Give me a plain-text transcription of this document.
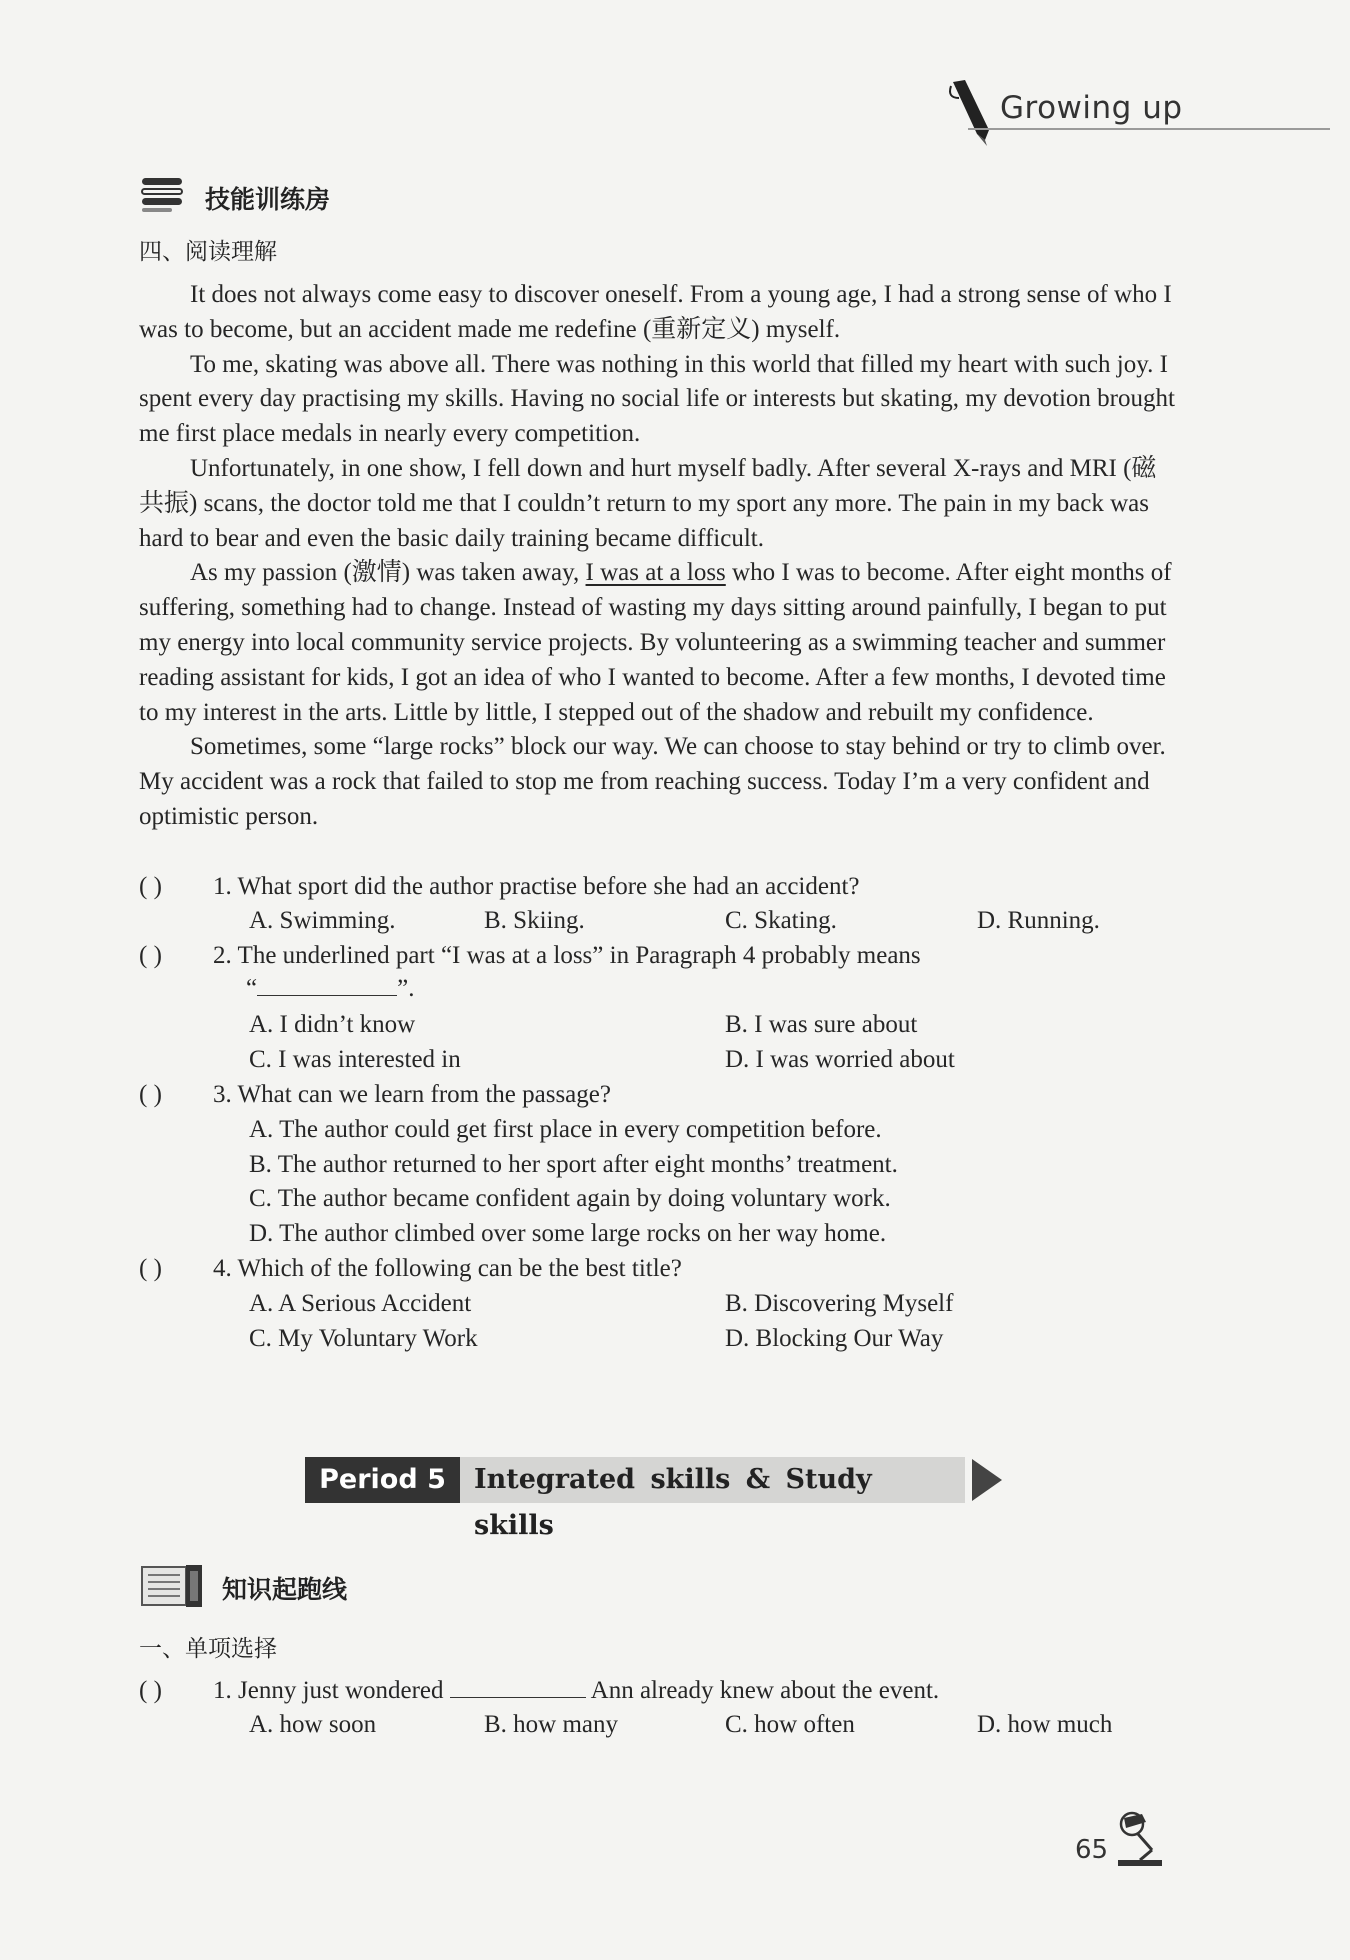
Growing up
技能训练房
四、阅读理解

It does not always come easy to discover oneself. From a young age, I had a strong sense of who I was to become, but an accident made me redefine (重新定义) myself.

To me, skating was above all. There was nothing in this world that filled my heart with such joy. I spent every day practising my skills. Having no social life or interests but skating, my devotion brought me first place medals in nearly every competition.

Unfortunately, in one show, I fell down and hurt myself badly. After several X-rays and MRI (磁共振) scans, the doctor told me that I couldn’t return to my sport any more. The pain in my back was hard to bear and even the basic daily training became difficult.

As my passion (激情) was taken away, I was at a loss who I was to become. After eight months of suffering, something had to change. Instead of wasting my days sitting around painfully, I began to put my energy into local community service projects. By volunteering as a swimming teacher and summer reading assistant for kids, I got an idea of who I wanted to become. After a few months, I devoted time to my interest in the arts. Little by little, I stepped out of the shadow and rebuilt my confidence.

Sometimes, some “large rocks” block our way. We can choose to stay behind or try to climb over. My accident was a rock that failed to stop me from reaching success. Today I’m a very confident and optimistic person.

( ) 1. What sport did the author practise before she had an accident?
A. Swimming.	B. Skiing.	C. Skating.	D. Running.
( ) 2. The underlined part “I was at a loss” in Paragraph 4 probably means
“	”.
A. I didn’t know	B. I was sure about
C. I was interested in	D. I was worried about
( ) 3. What can we learn from the passage?
A. The author could get first place in every competition before.
B. The author returned to her sport after eight months’ treatment.
C. The author became confident again by doing voluntary work.
D. The author climbed over some large rocks on her way home.
( ) 4. Which of the following can be the best title?
A. A Serious Accident	B. Discovering Myself
C. My Voluntary Work	D. Blocking Our Way
Period 5	Integrated skills & Study skills
知识起跑线
一、单项选择
( ) 1. Jenny just wondered	Ann already knew about the event.
A. how soon	B. how many	C. how often	D. how much
65
